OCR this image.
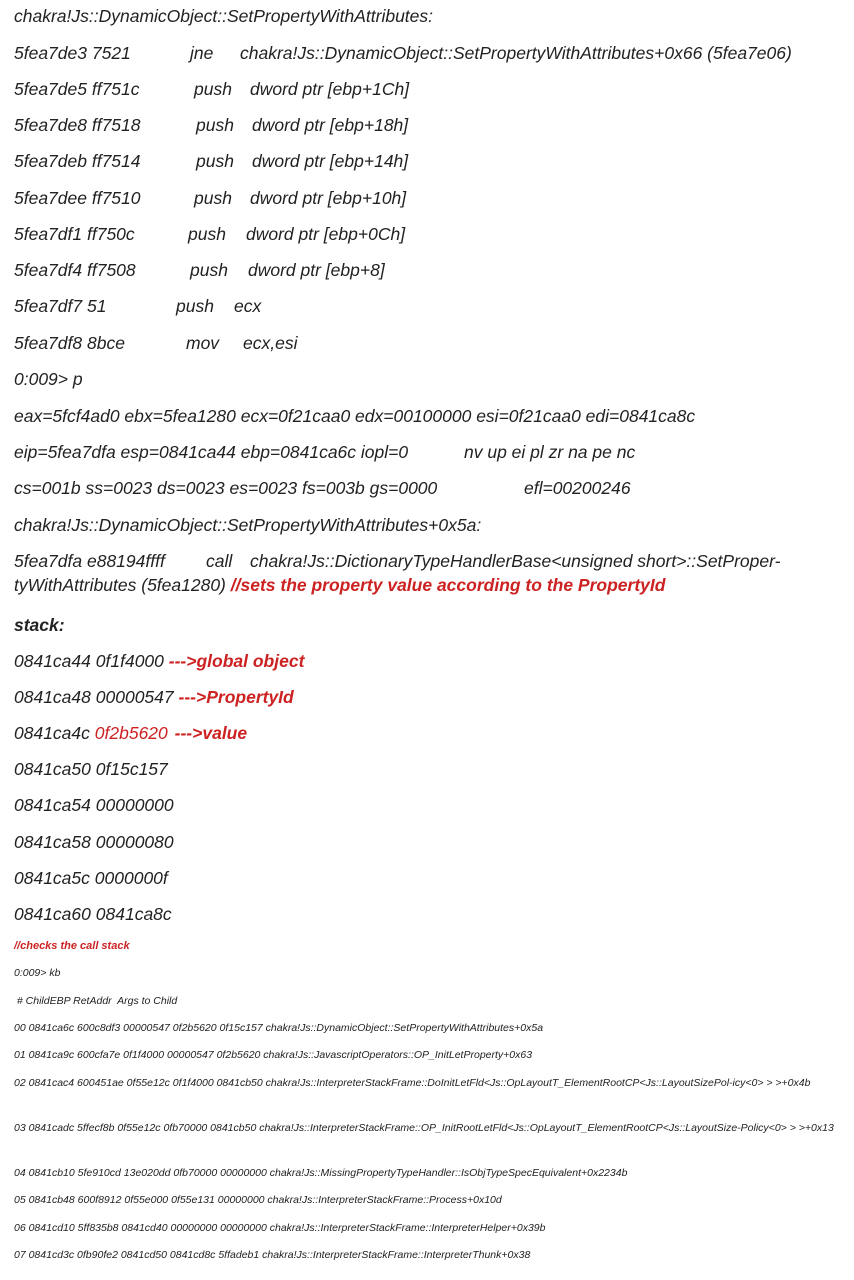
chakra!Js::DynamicObject::SetPropertyWithAttributes:
5fea7de3 7521	jne chakra!Js::DynamicObject::SetPropertyWithAttributes+0x66 (5fea7e06)
5fea7de5 ff751c	push dword ptr [ebp+1Ch]
5fea7de8 ff7518	push dword ptr [ebp+18h]
5fea7deb ff7514	push dword ptr [ebp+14h]
5fea7dee ff7510	push dword ptr [ebp+10h]
5fea7df1 ff750c	push dword ptr [ebp+0Ch]
5fea7df4 ff7508	push dword ptr [ebp+8]
5fea7df7 51	push ecx
5fea7df8 8bce	mov ecx,esi
0:009> p
eax=5fcf4ad0 ebx=5fea1280 ecx=0f21caa0 edx=00100000 esi=0f21caa0 edi=0841ca8c
eip=5fea7dfa esp=0841ca44 ebp=0841ca6c iopl=0	nv up ei pl zr na pe nc
cs=001b ss=0023 ds=0023 es=0023 fs=003b gs=0000	efl=00200246
chakra!Js::DynamicObject::SetPropertyWithAttributes+0x5a:
5fea7dfa e88194ffff call chakra!Js::DictionaryTypeHandlerBase<unsigned short>::SetProper-
tyWithAttributes (5fea1280) //sets the property value according to the PropertyId
stack:
0841ca44 0f1f4000 --->global object
0841ca48 00000547 --->PropertyId
0841ca4c 0f2b5620 --->value
0841ca50 0f15c157
0841ca54 00000000
0841ca58 00000080
0841ca5c 0000000f
0841ca60 0841ca8c
//checks the call stack
0:009> kb
# ChildEBP RetAddr  Args to Child
00 0841ca6c 600c8df3 00000547 0f2b5620 0f15c157 chakra!Js::DynamicObject::SetPropertyWithAttributes+0x5a
01 0841ca9c 600cfa7e 0f1f4000 00000547 0f2b5620 chakra!Js::JavascriptOperators::OP_InitLetProperty+0x63
02 0841cac4 600451ae 0f55e12c 0f1f4000 0841cb50 chakra!Js::InterpreterStackFrame::DoInitLetFld<Js::OpLayoutT_ElementRootCP<Js::LayoutSizePol-icy<0> > >+0x4b
03 0841cadc 5ffecf8b 0f55e12c 0fb70000 0841cb50 chakra!Js::InterpreterStackFrame::OP_InitRootLetFld<Js::OpLayoutT_ElementRootCP<Js::LayoutSize-Policy<0> > >+0x13
04 0841cb10 5fe910cd 13e020dd 0fb70000 00000000 chakra!Js::MissingPropertyTypeHandler::IsObjTypeSpecEquivalent+0x2234b
05 0841cb48 600f8912 0f55e000 0f55e131 00000000 chakra!Js::InterpreterStackFrame::Process+0x10d
06 0841cd10 5ff835b8 0841cd40 00000000 00000000 chakra!Js::InterpreterStackFrame::InterpreterHelper+0x39b
07 0841cd3c 0fb90fe2 0841cd50 0841cd8c 5ffadeb1 chakra!Js::InterpreterStackFrame::InterpreterThunk+0x38
